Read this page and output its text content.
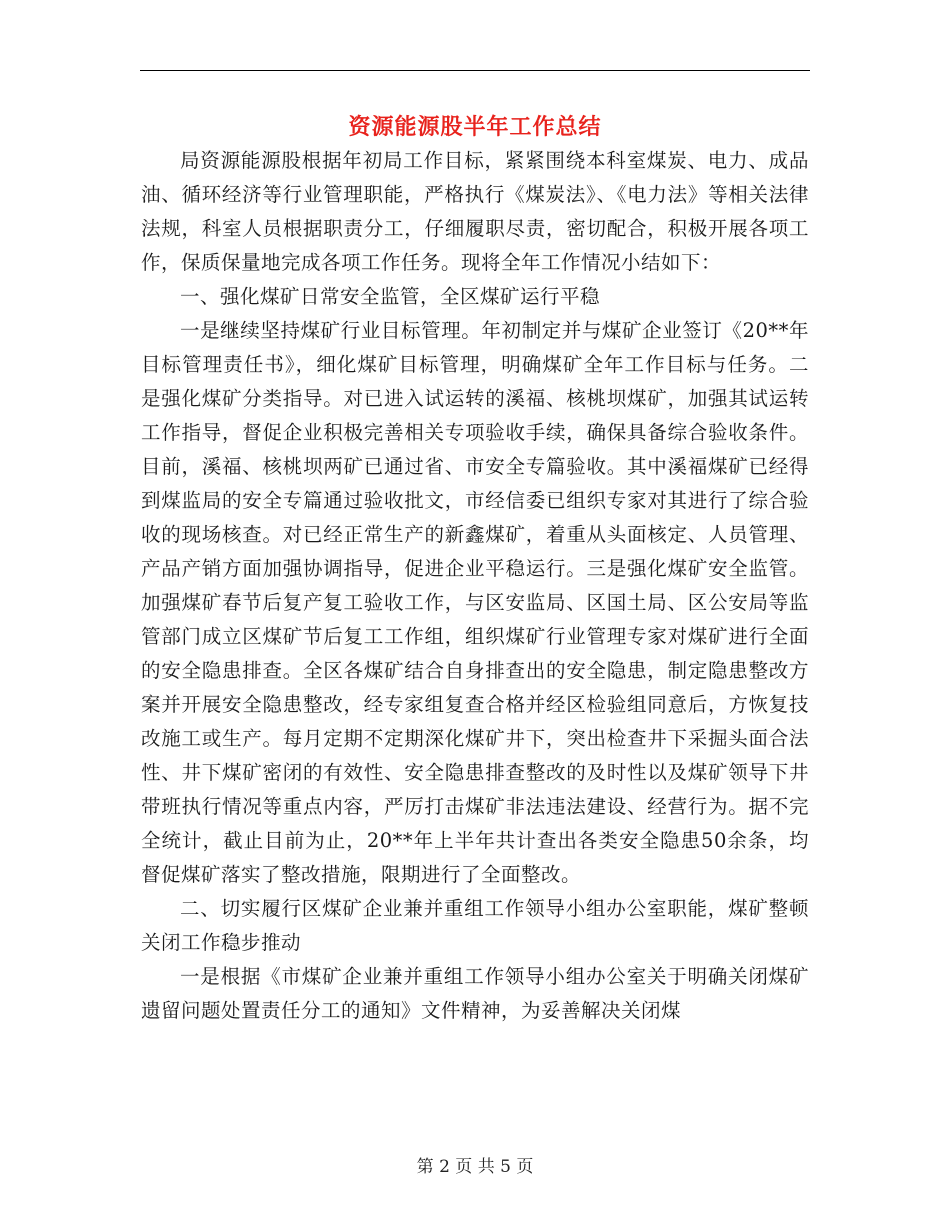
资源能源股半年工作总结

局资源能源股根据年初局工作目标，紧紧围绕本科室煤炭、电力、成品油、循环经济等行业管理职能，严格执行《煤炭法》、《电力法》等相关法律法规，科室人员根据职责分工，仔细履职尽责，密切配合，积极开展各项工作，保质保量地完成各项工作任务。现将全年工作情况小结如下：

一、强化煤矿日常安全监管，全区煤矿运行平稳

一是继续坚持煤矿行业目标管理。年初制定并与煤矿企业签订《20**年目标管理责任书》，细化煤矿目标管理，明确煤矿全年工作目标与任务。二是强化煤矿分类指导。对已进入试运转的溪福、核桃坝煤矿，加强其试运转工作指导，督促企业积极完善相关专项验收手续，确保具备综合验收条件。目前，溪福、核桃坝两矿已通过省、市安全专篇验收。其中溪福煤矿已经得到煤监局的安全专篇通过验收批文，市经信委已组织专家对其进行了综合验收的现场核查。对已经正常生产的新鑫煤矿，着重从头面核定、人员管理、产品产销方面加强协调指导，促进企业平稳运行。三是强化煤矿安全监管。加强煤矿春节后复产复工验收工作，与区安监局、区国土局、区公安局等监管部门成立区煤矿节后复工工作组，组织煤矿行业管理专家对煤矿进行全面的安全隐患排查。全区各煤矿结合自身排查出的安全隐患，制定隐患整改方案并开展安全隐患整改，经专家组复查合格并经区检验组同意后，方恢复技改施工或生产。每月定期不定期深化煤矿井下，突出检查井下采掘头面合法性、井下煤矿密闭的有效性、安全隐患排查整改的及时性以及煤矿领导下井带班执行情况等重点内容，严厉打击煤矿非法违法建设、经营行为。据不完全统计，截止目前为止，20**年上半年共计查出各类安全隐患50余条，均督促煤矿落实了整改措施，限期进行了全面整改。

二、切实履行区煤矿企业兼并重组工作领导小组办公室职能，煤矿整顿关闭工作稳步推动

一是根据《市煤矿企业兼并重组工作领导小组办公室关于明确关闭煤矿遗留问题处置责任分工的通知》文件精神，为妥善解决关闭煤

第 2 页 共 5 页
